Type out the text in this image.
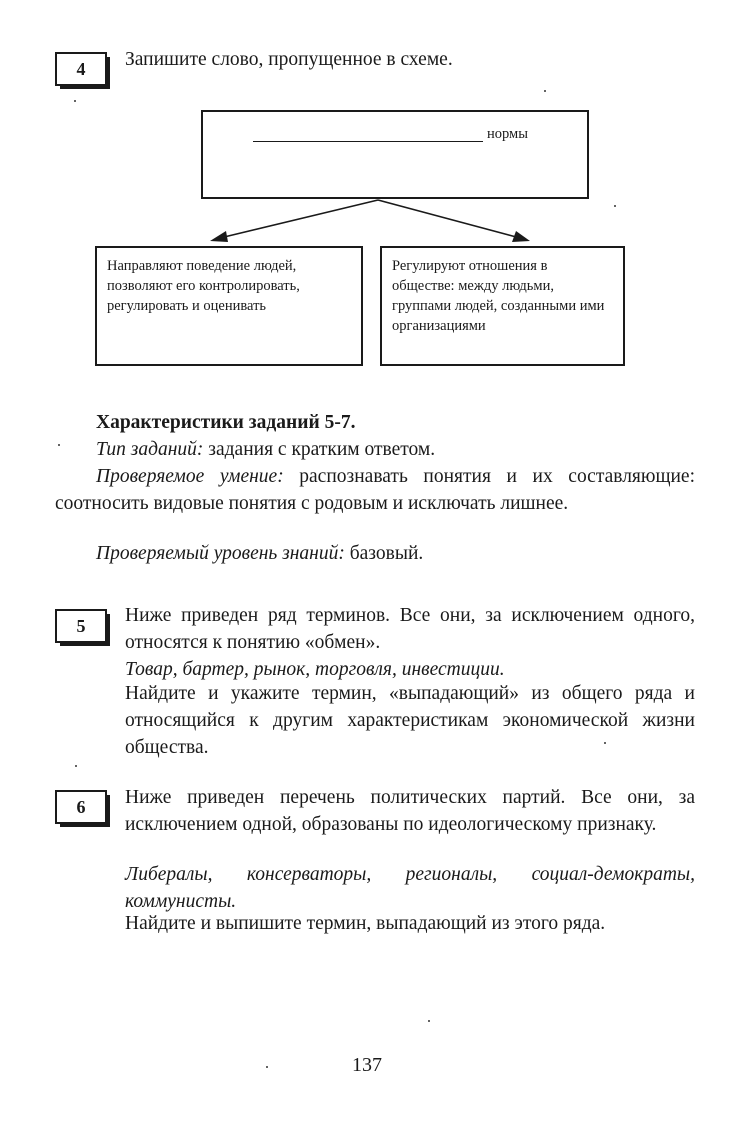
4	Запишите слово, пропущенное в схеме.
нормы
Направляют поведение людей, позволяют его контролировать, регулировать и оценивать
Регулируют отношения в обществе: между людьми, группами людей, созданными ими организациями
Характеристики заданий 5-7.
Тип заданий: задания с кратким ответом.
Проверяемое умение: распознавать понятия и их составляющие: соотносить видовые понятия с родовым и исключать лишнее.
Проверяемый уровень знаний: базовый.
5	Ниже приведен ряд терминов. Все они, за исключением одного, относятся к понятию «обмен».
Товар, бартер, рынок, торговля, инвестиции.
Найдите и укажите термин, «выпадающий» из общего ряда и относящийся к другим характеристикам экономической жизни общества.
6	Ниже приведен перечень политических партий. Все они, за исключением одной, образованы по идеологическому признаку.
Либералы, консерваторы, регионалы, социал-демократы, коммунисты.
Найдите и выпишите термин, выпадающий из этого ряда.
137
